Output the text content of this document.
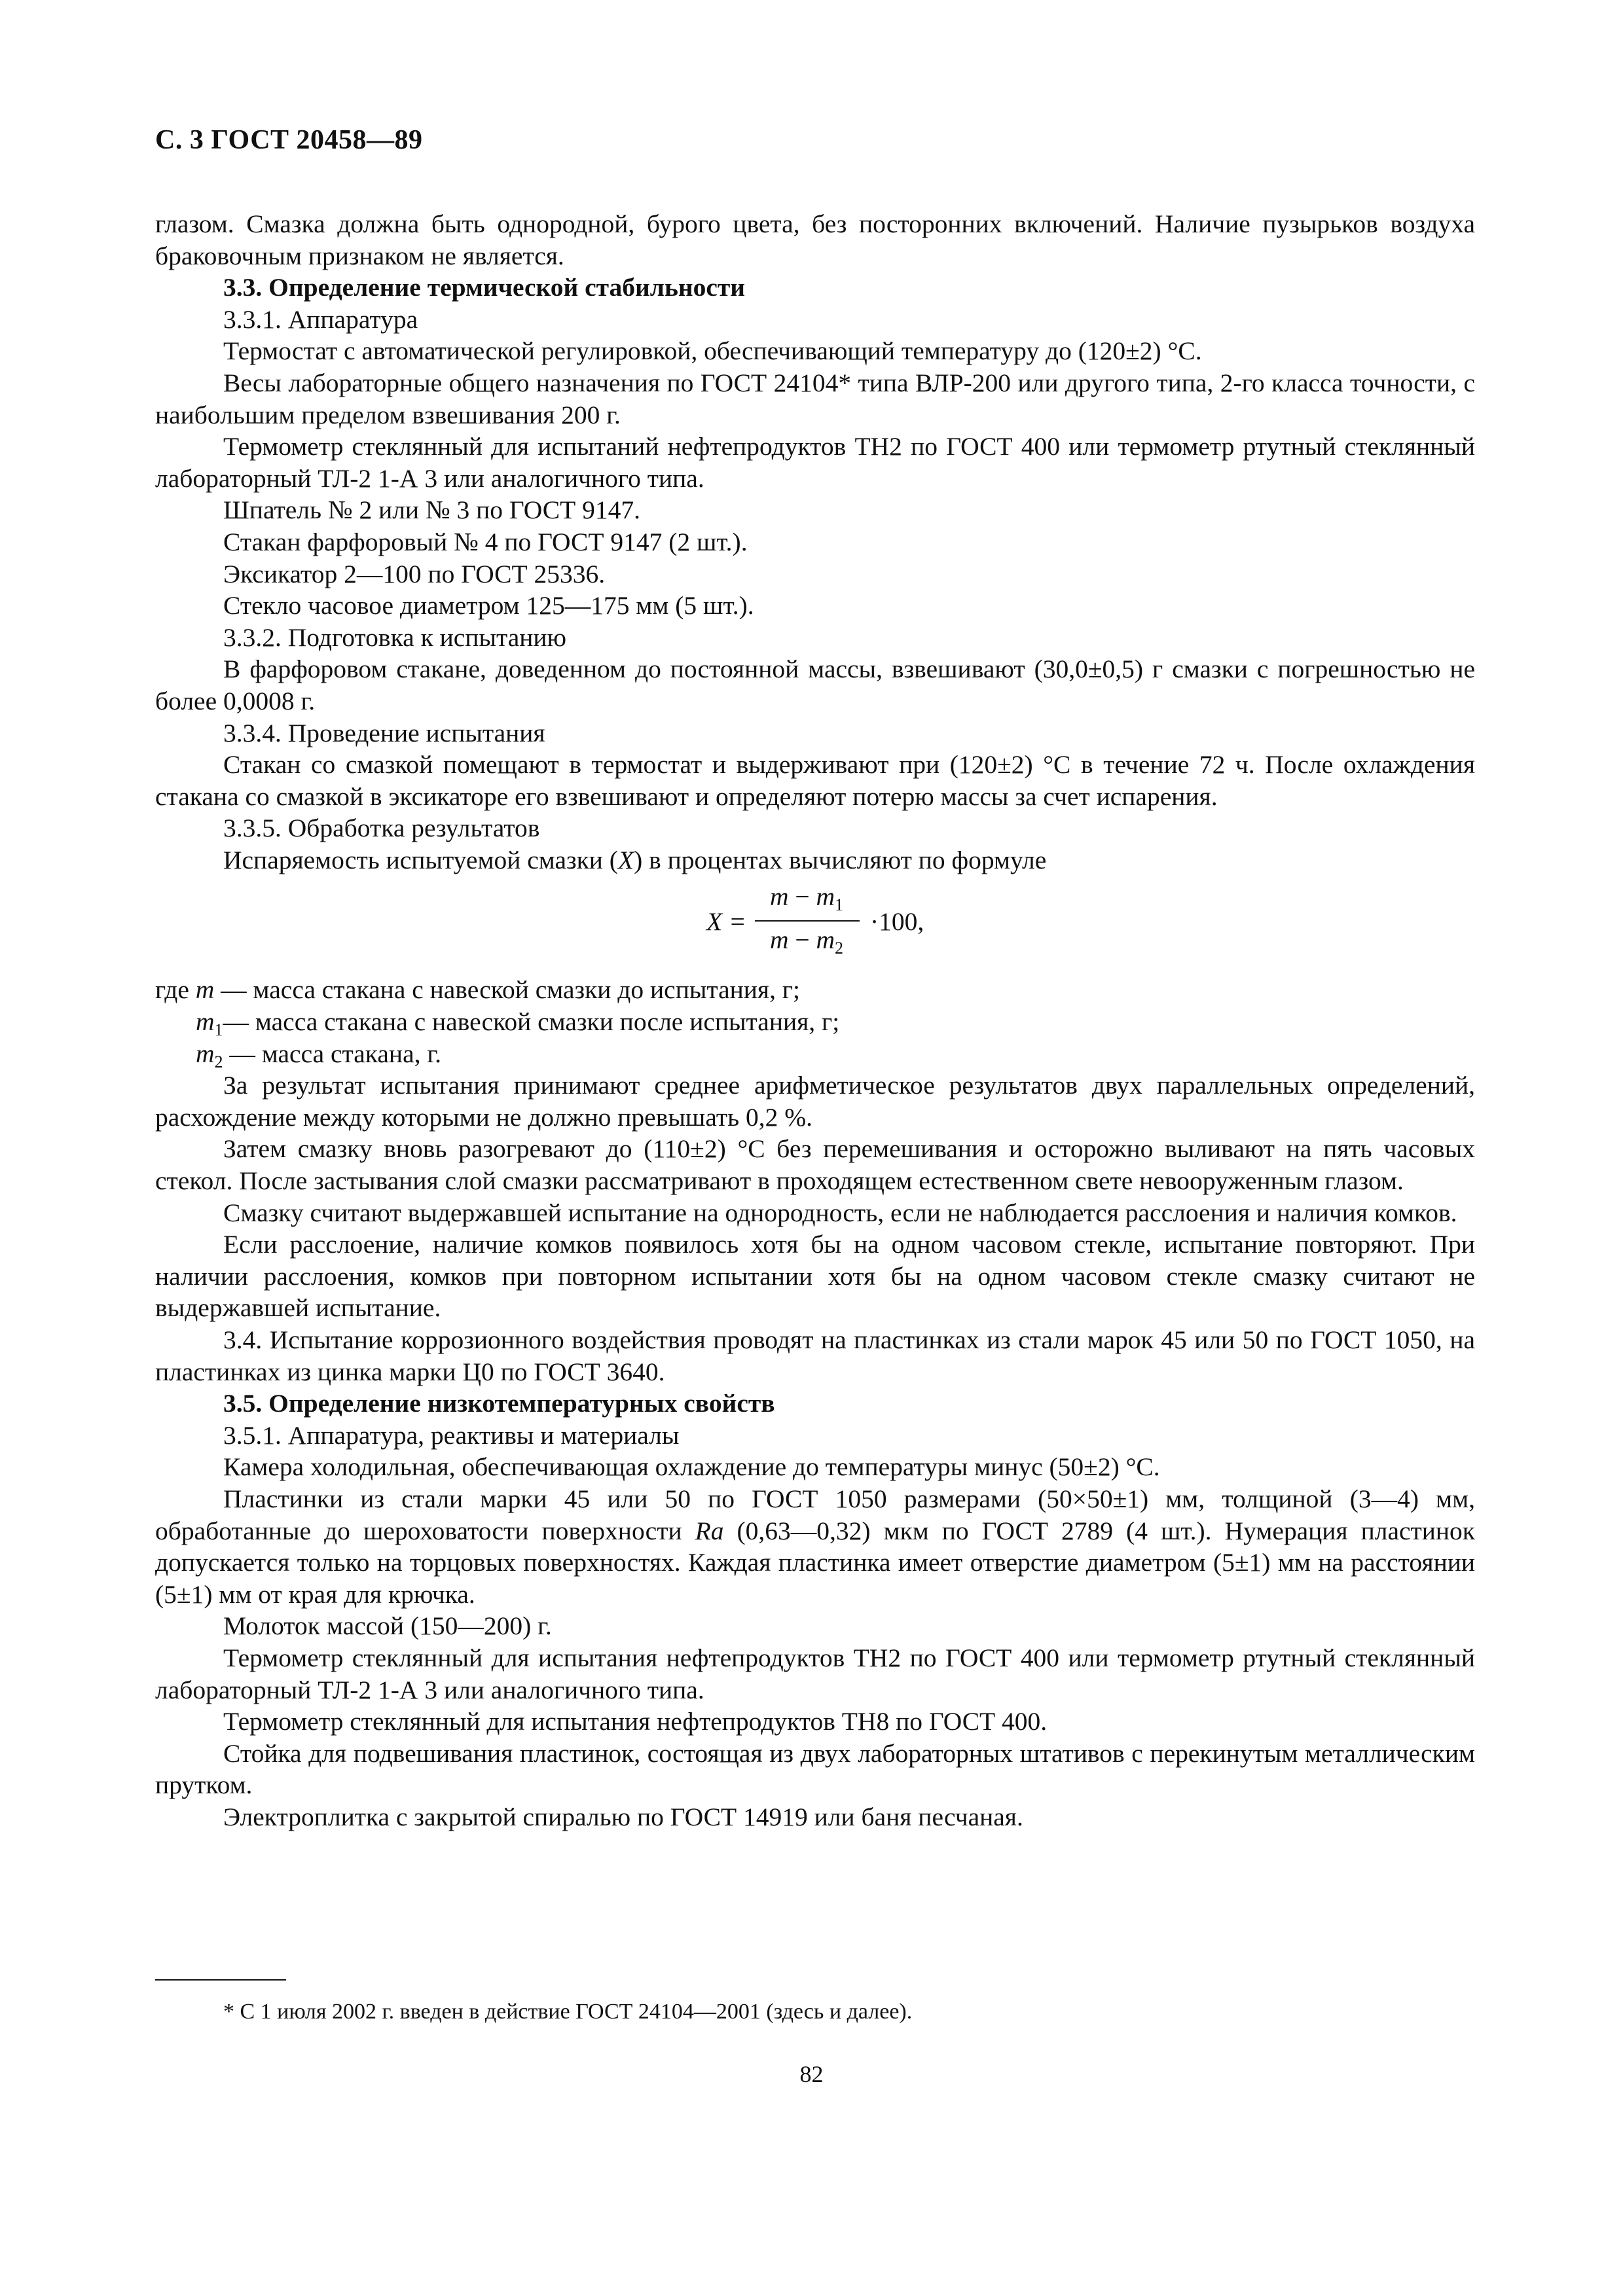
С. 3 ГОСТ 20458—89

глазом. Смазка должна быть однородной, бурого цвета, без посторонних включений. Наличие пузырьков воздуха браковочным признаком не является.

3.3. Определение термической стабильности

3.3.1. Аппаратура

Термостат с автоматической регулировкой, обеспечивающий температуру до (120±2) °С.

Весы лабораторные общего назначения по ГОСТ 24104* типа ВЛР-200 или другого типа, 2-го класса точности, с наибольшим пределом взвешивания 200 г.

Термометр стеклянный для испытаний нефтепродуктов ТН2 по ГОСТ 400 или термометр ртутный стеклянный лабораторный ТЛ-2 1-А 3 или аналогичного типа.

Шпатель № 2 или № 3 по ГОСТ 9147.

Стакан фарфоровый № 4 по ГОСТ 9147 (2 шт.).

Эксикатор 2—100 по ГОСТ 25336.

Стекло часовое диаметром 125—175 мм (5 шт.).

3.3.2. Подготовка к испытанию

В фарфоровом стакане, доведенном до постоянной массы, взвешивают (30,0±0,5) г смазки с погрешностью не более 0,0008 г.

3.3.4. Проведение испытания

Стакан со смазкой помещают в термостат и выдерживают при (120±2) °С в течение 72 ч. После охлаждения стакана со смазкой в эксикаторе его взвешивают и определяют потерю массы за счет испарения.

3.3.5. Обработка результатов

Испаряемость испытуемой смазки (X) в процентах вычисляют по формуле

X =
$m - m_1$
$m - m_2$
·100,

где m — масса стакана с навеской смазки до испытания, г;

$m_1—$ масса стакана с навеской смазки после испытания, г;

$m_2$ — масса стакана, г.

За результат испытания принимают среднее арифметическое результатов двух параллельных определений, расхождение между которыми не должно превышать 0,2 %.

Затем смазку вновь разогревают до (110±2) °С без перемешивания и осторожно выливают на пять часовых стекол. После застывания слой смазки рассматривают в проходящем естественном свете невооруженным глазом.

Смазку считают выдержавшей испытание на однородность, если не наблюдается расслоения и наличия комков.

Если расслоение, наличие комков появилось хотя бы на одном часовом стекле, испытание повторяют. При наличии расслоения, комков при повторном испытании хотя бы на одном часовом стекле смазку считают не выдержавшей испытание.

3.4. Испытание коррозионного воздействия проводят на пластинках из стали марок 45 или 50 по ГОСТ 1050, на пластинках из цинка марки Ц0 по ГОСТ 3640.

3.5. Определение низкотемпературных свойств

3.5.1. Аппаратура, реактивы и материалы

Камера холодильная, обеспечивающая охлаждение до температуры минус (50±2) °С.

Пластинки из стали марки 45 или 50 по ГОСТ 1050 размерами (50×50±1) мм, толщиной (3—4) мм, обработанные до шероховатости поверхности Ra (0,63—0,32) мкм по ГОСТ 2789 (4 шт.). Нумерация пластинок допускается только на торцовых поверхностях. Каждая пластинка имеет отверстие диаметром (5±1) мм на расстоянии (5±1) мм от края для крючка.

Молоток массой (150—200) г.

Термометр стеклянный для испытания нефтепродуктов ТН2 по ГОСТ 400 или термометр ртутный стеклянный лабораторный ТЛ-2 1-А 3 или аналогичного типа.

Термометр стеклянный для испытания нефтепродуктов ТН8 по ГОСТ 400.

Стойка для подвешивания пластинок, состоящая из двух лабораторных штативов с перекинутым металлическим прутком.

Электроплитка с закрытой спиралью по ГОСТ 14919 или баня песчаная.

* С 1 июля 2002 г. введен в действие ГОСТ 24104—2001 (здесь и далее).
82
